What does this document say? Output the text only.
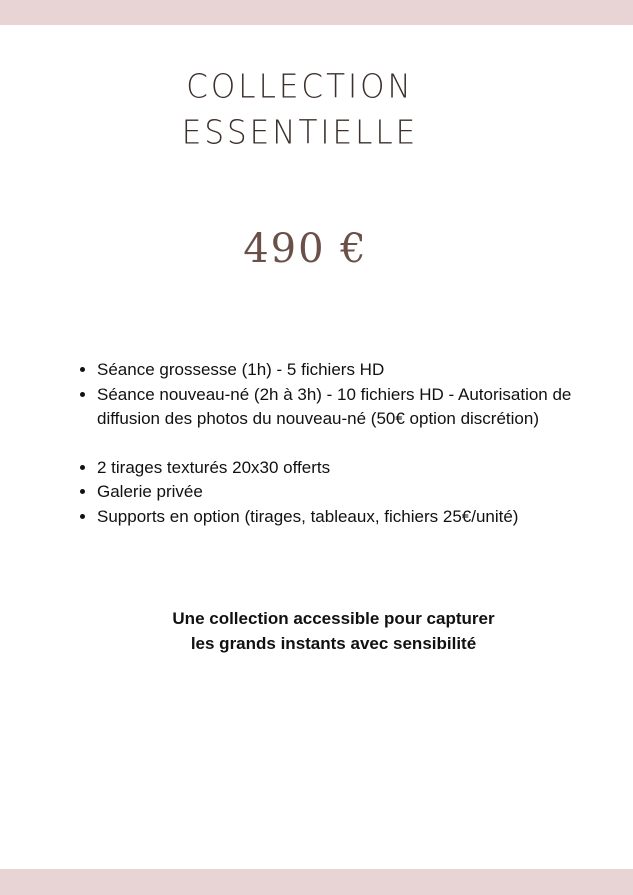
COLLECTION
ESSENTIELLE
490 €
• Séance grossesse (1h) - 5 fichiers HD
• Séance nouveau-né (2h à 3h) - 10 fichiers HD - Autorisation de diffusion des photos du nouveau-né (50€ option discrétion)
• 2 tirages texturés 20x30 offerts
• Galerie privée
• Supports en option (tirages, tableaux, fichiers 25€/unité)
Une collection accessible pour capturer
les grands instants avec sensibilité
